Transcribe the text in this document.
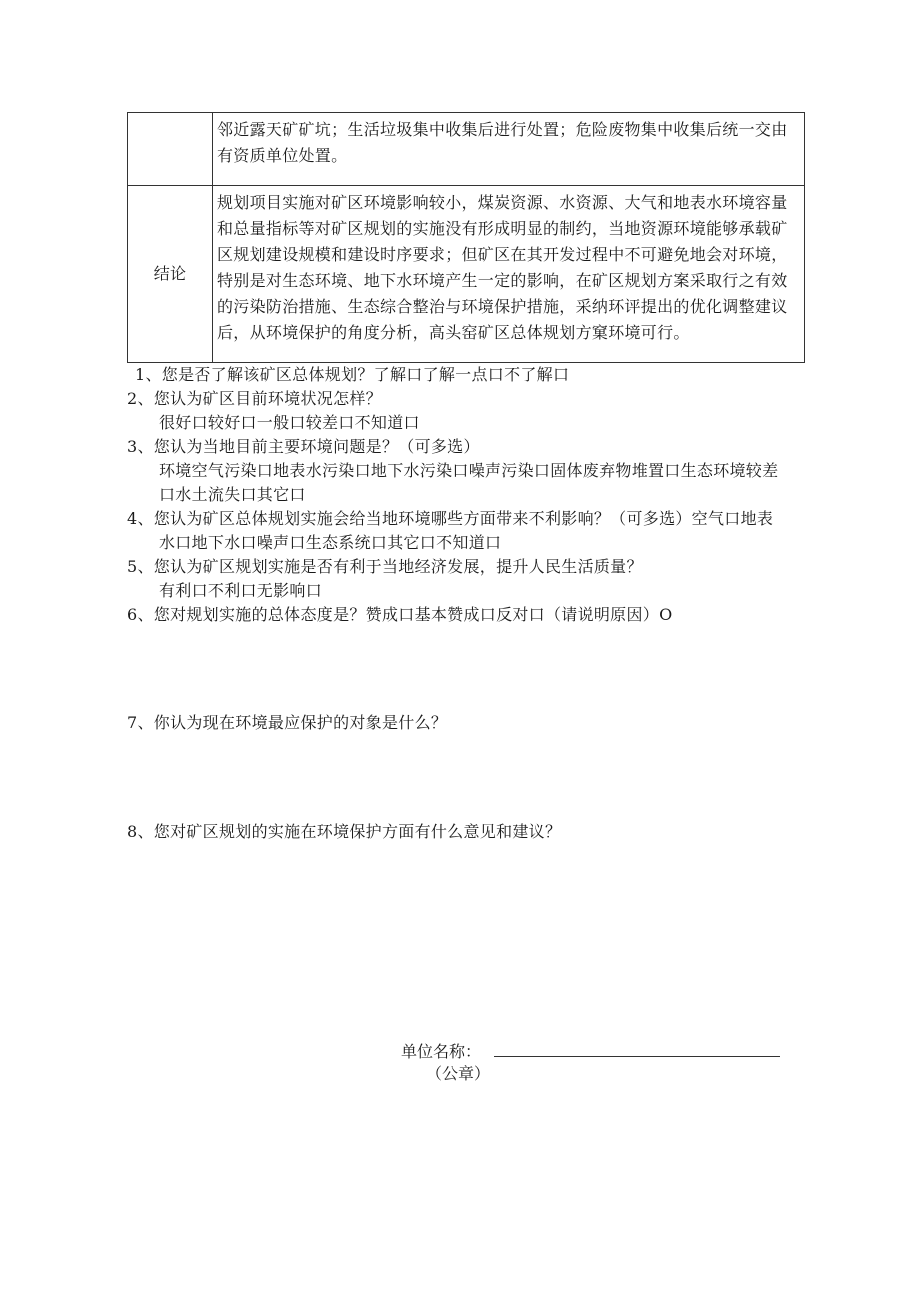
	邻近露天矿矿坑；生活垃圾集中收集后进行处置；危险废物集中收集后统一交由有资质单位处置。
结论	规划项目实施对矿区环境影响较小，煤炭资源、水资源、大气和地表水环境容量和总量指标等对矿区规划的实施没有形成明显的制约，当地资源环境能够承载矿区规划建设规模和建设时序要求；但矿区在其开发过程中不可避免地会对环境，特别是对生态环境、地下水环境产生一定的影响，在矿区规划方案采取行之有效的污染防治措施、生态综合整治与环境保护措施，采纳环评提出的优化调整建议后，从环境保护的角度分析，高头窑矿区总体规划方窠环境可行。
1、您是否了解该矿区总体规划？了解口了解一点口不了解口
2、您认为矿区目前环境状况怎样？
很好口较好口一般口较差口不知道口
3、您认为当地目前主要环境问题是？（可多选）
环境空气污染口地表水污染口地下水污染口噪声污染口固体废弃物堆置口生态环境较差
口水土流失口其它口
4、您认为矿区总体规划实施会给当地环境哪些方面带来不利影响？（可多选）空气口地表
水口地下水口噪声口生态系统口其它口不知道口
5、您认为矿区规划实施是否有利于当地经济发展，提升人民生活质量？
有利口不利口无影响口
6、您对规划实施的总体态度是？赞成口基本赞成口反对口（请说明原因）O
7、你认为现在环境最应保护的对象是什么？
8、您对矿区规划的实施在环境保护方面有什么意见和建议？
单位名称：
（公章）
